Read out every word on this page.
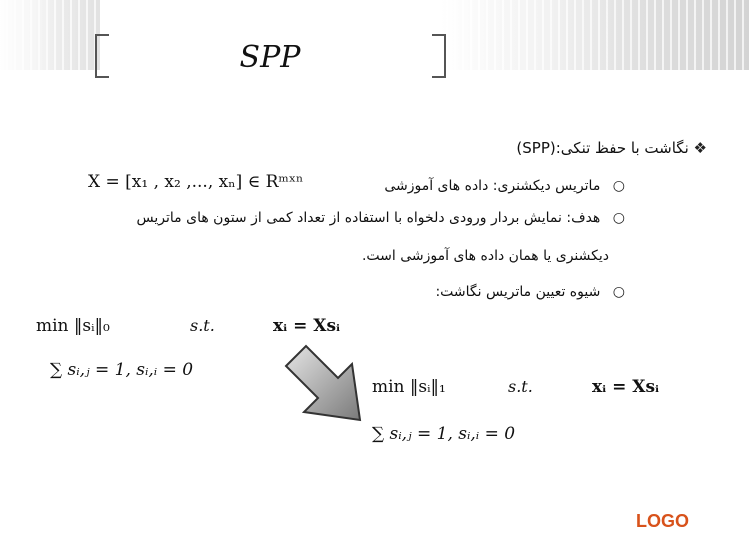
SPP
❖ نگاشت با حفظ تنکی:(SPP)
○ ماتریس دیکشنری: داده های آموزشی
X = [x₁ , x₂ ,..., xₙ] ∈ Rᵐˣⁿ
○ هدف: نمایش بردار ورودی دلخواه با استفاده از تعداد کمی از ستون های ماتریس
دیکشنری یا همان داده های آموزشی است.
○ شیوه تعیین ماتریس نگاشت:
min ‖sᵢ‖₀	s.t.	xᵢ = Xsᵢ
∑ sᵢ,ⱼ = 1, sᵢ,ᵢ = 0
min ‖sᵢ‖₁	s.t.	xᵢ = Xsᵢ
∑ sᵢ,ⱼ = 1, sᵢ,ᵢ = 0
LOGO
